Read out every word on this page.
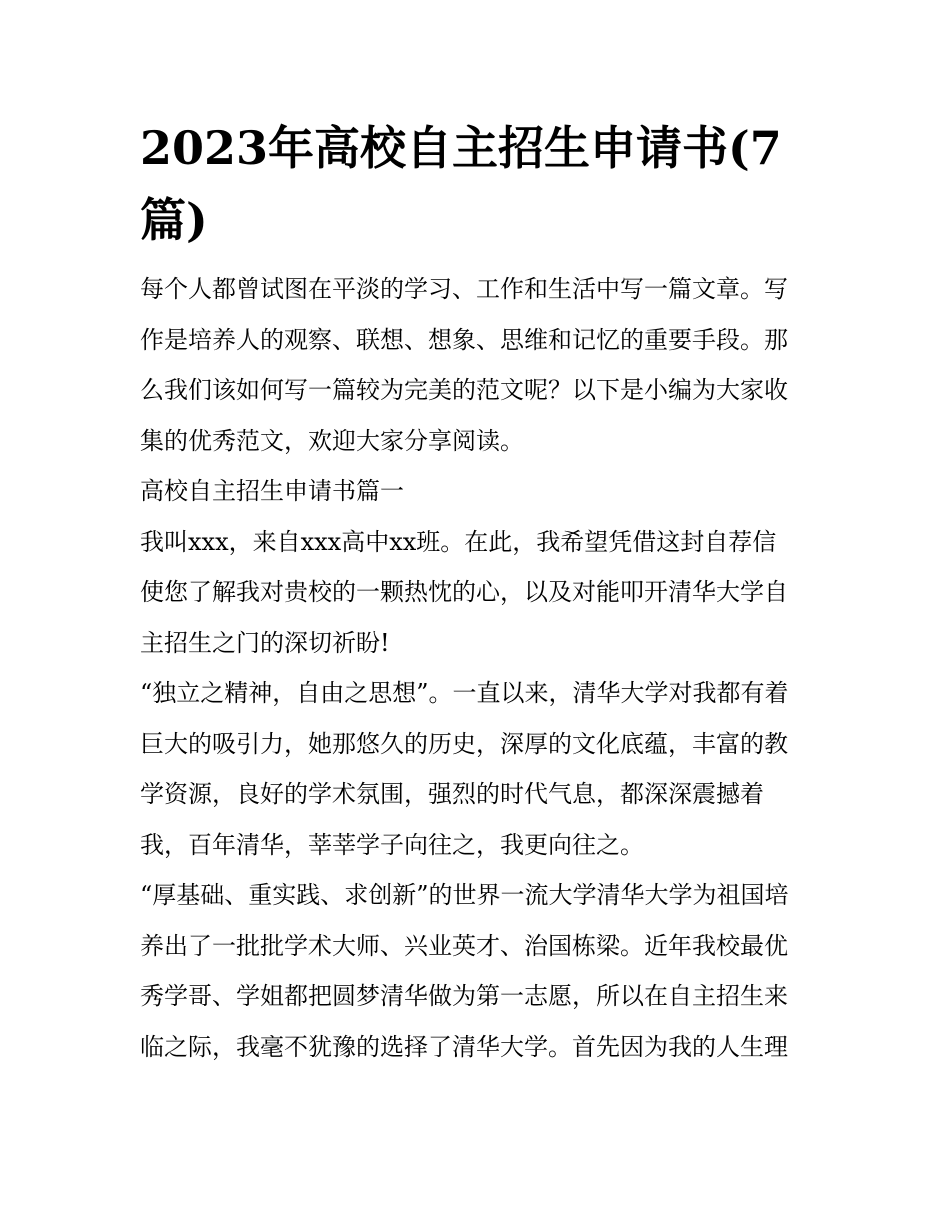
2023年高校自主招生申请书(7
篇)

每个人都曾试图在平淡的学习、工作和生活中写一篇文章。写
作是培养人的观察、联想、想象、思维和记忆的重要手段。那
么我们该如何写一篇较为完美的范文呢？以下是小编为大家收
集的优秀范文，欢迎大家分享阅读。

高校自主招生申请书篇一

我叫xxx，来自xxx高中xx班。在此，我希望凭借这封自荐信
使您了解我对贵校的一颗热忱的心，以及对能叩开清华大学自
主招生之门的深切祈盼!

“独立之精神，自由之思想”。一直以来，清华大学对我都有着
巨大的吸引力，她那悠久的历史，深厚的文化底蕴，丰富的教
学资源，良好的学术氛围，强烈的时代气息，都深深震撼着
我，百年清华，莘莘学子向往之，我更向往之。

“厚基础、重实践、求创新”的世界一流大学清华大学为祖国培
养出了一批批学术大师、兴业英才、治国栋梁。近年我校最优
秀学哥、学姐都把圆梦清华做为第一志愿，所以在自主招生来
临之际，我毫不犹豫的选择了清华大学。首先因为我的人生理
